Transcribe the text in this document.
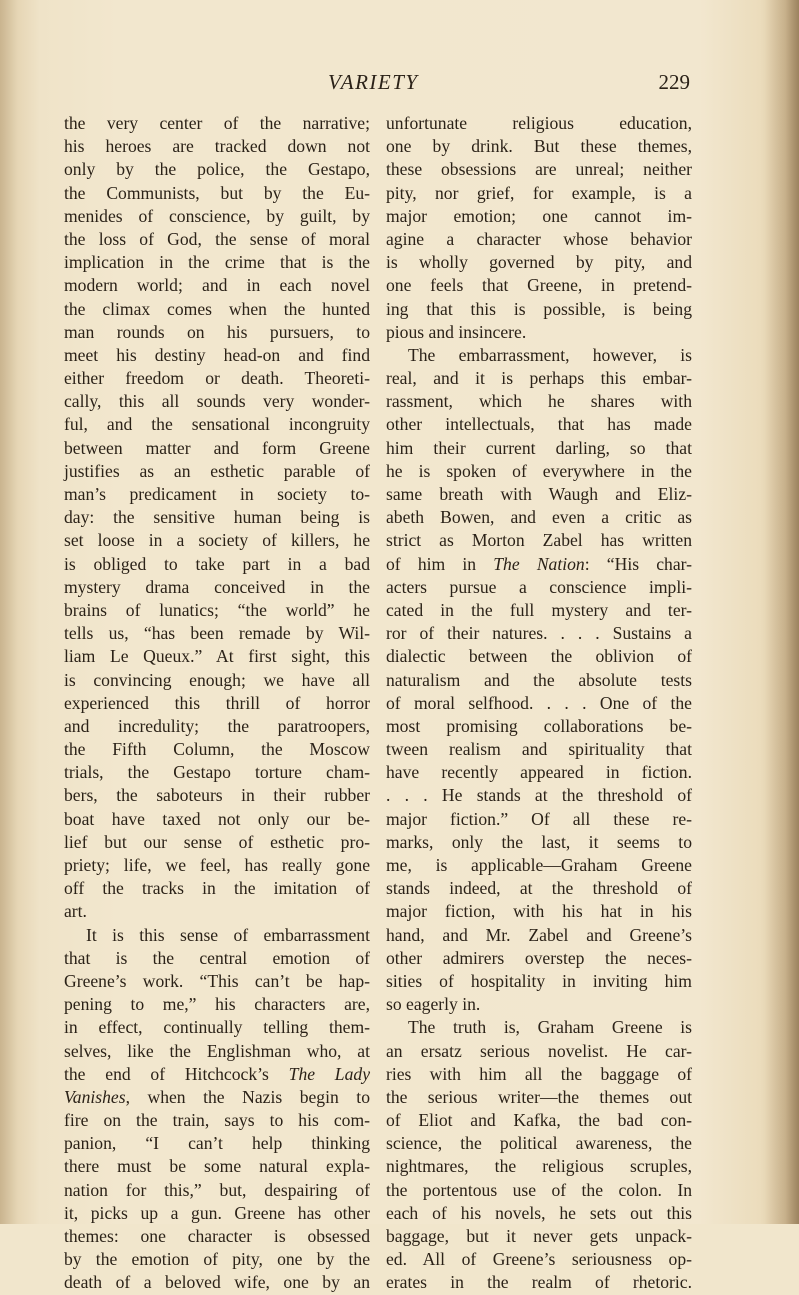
VARIETY	229
the very center of the narrative;
his heroes are tracked down not
only by the police, the Gestapo,
the Communists, but by the Eu-
menides of conscience, by guilt, by
the loss of God, the sense of moral
implication in the crime that is the
modern world; and in each novel
the climax comes when the hunted
man rounds on his pursuers, to
meet his destiny head-on and find
either freedom or death. Theoreti-
cally, this all sounds very wonder-
ful, and the sensational incongruity
between matter and form Greene
justifies as an esthetic parable of
man’s predicament in society to-
day: the sensitive human being is
set loose in a society of killers, he
is obliged to take part in a bad
mystery drama conceived in the
brains of lunatics; “the world” he
tells us, “has been remade by Wil-
liam Le Queux.” At first sight, this
is convincing enough; we have all
experienced this thrill of horror
and incredulity; the paratroopers,
the Fifth Column, the Moscow
trials, the Gestapo torture cham-
bers, the saboteurs in their rubber
boat have taxed not only our be-
lief but our sense of esthetic pro-
priety; life, we feel, has really gone
off the tracks in the imitation of
art.
It is this sense of embarrassment
that is the central emotion of
Greene’s work. “This can’t be hap-
pening to me,” his characters are,
in effect, continually telling them-
selves, like the Englishman who, at
the end of Hitchcock’s The Lady
Vanishes, when the Nazis begin to
fire on the train, says to his com-
panion, “I can’t help thinking
there must be some natural expla-
nation for this,” but, despairing of
it, picks up a gun. Greene has other
themes: one character is obsessed
by the emotion of pity, one by the
death of a beloved wife, one by an
unfortunate religious education,
one by drink. But these themes,
these obsessions are unreal; neither
pity, nor grief, for example, is a
major emotion; one cannot im-
agine a character whose behavior
is wholly governed by pity, and
one feels that Greene, in pretend-
ing that this is possible, is being
pious and insincere.
The embarrassment, however, is
real, and it is perhaps this embar-
rassment, which he shares with
other intellectuals, that has made
him their current darling, so that
he is spoken of everywhere in the
same breath with Waugh and Eliz-
abeth Bowen, and even a critic as
strict as Morton Zabel has written
of him in The Nation: “His char-
acters pursue a conscience impli-
cated in the full mystery and ter-
ror of their natures. . . . Sustains a
dialectic between the oblivion of
naturalism and the absolute tests
of moral selfhood. . . . One of the
most promising collaborations be-
tween realism and spirituality that
have recently appeared in fiction.
. . . He stands at the threshold of
major fiction.” Of all these re-
marks, only the last, it seems to
me, is applicable—Graham Greene
stands indeed, at the threshold of
major fiction, with his hat in his
hand, and Mr. Zabel and Greene’s
other admirers overstep the neces-
sities of hospitality in inviting him
so eagerly in.
The truth is, Graham Greene is
an ersatz serious novelist. He car-
ries with him all the baggage of
the serious writer—the themes out
of Eliot and Kafka, the bad con-
science, the political awareness, the
nightmares, the religious scruples,
the portentous use of the colon. In
each of his novels, he sets out this
baggage, but it never gets unpack-
ed. All of Greene’s seriousness op-
erates in the realm of rhetoric.
